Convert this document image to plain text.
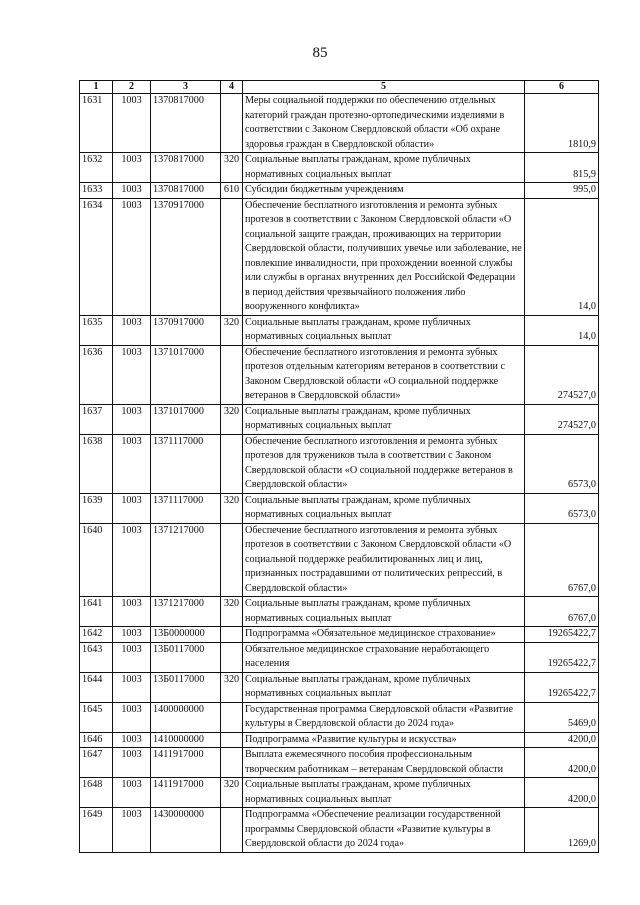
85
1	2	3	4	5	6
1631	1003	1370817000		Меры социальной поддержки по обеспечению отдельных категорий граждан протезно-ортопедическими изделиями в соответствии с Законом Свердловской области «Об охране здоровья граждан в Свердловской области»	1810,9
1632	1003	1370817000	320	Социальные выплаты гражданам, кроме публичных нормативных социальных выплат	815,9
1633	1003	1370817000	610	Субсидии бюджетным учреждениям	995,0
1634	1003	1370917000		Обеспечение бесплатного изготовления и ремонта зубных протезов в соответствии с Законом Свердловской области «О социальной защите граждан, проживающих на территории Свердловской области, получивших увечье или заболевание, не повлекшие инвалидности, при прохождении военной службы или службы в органах внутренних дел Российской Федерации в период действия чрезвычайного положения либо вооруженного конфликта»	14,0
1635	1003	1370917000	320	Социальные выплаты гражданам, кроме публичных нормативных социальных выплат	14,0
1636	1003	1371017000		Обеспечение бесплатного изготовления и ремонта зубных протезов отдельным категориям ветеранов в соответствии с Законом Свердловской области «О социальной поддержке ветеранов в Свердловской области»	274527,0
1637	1003	1371017000	320	Социальные выплаты гражданам, кроме публичных нормативных социальных выплат	274527,0
1638	1003	1371117000		Обеспечение бесплатного изготовления и ремонта зубных протезов для тружеников тыла в соответствии с Законом Свердловской области «О социальной поддержке ветеранов в Свердловской области»	6573,0
1639	1003	1371117000	320	Социальные выплаты гражданам, кроме публичных нормативных социальных выплат	6573,0
1640	1003	1371217000		Обеспечение бесплатного изготовления и ремонта зубных протезов в соответствии с Законом Свердловской области «О социальной поддержке реабилитированных лиц и лиц, признанных пострадавшими от политических репрессий, в Свердловской области»	6767,0
1641	1003	1371217000	320	Социальные выплаты гражданам, кроме публичных нормативных социальных выплат	6767,0
1642	1003	13Б0000000		Подпрограмма «Обязательное медицинское страхование»	19265422,7
1643	1003	13Б0117000		Обязательное медицинское страхование неработающего населения	19265422,7
1644	1003	13Б0117000	320	Социальные выплаты гражданам, кроме публичных нормативных социальных выплат	19265422,7
1645	1003	1400000000		Государственная программа Свердловской области «Развитие культуры в Свердловской области до 2024 года»	5469,0
1646	1003	1410000000		Подпрограмма «Развитие культуры и искусства»	4200,0
1647	1003	1411917000		Выплата ежемесячного пособия профессиональным творческим работникам – ветеранам Свердловской области	4200,0
1648	1003	1411917000	320	Социальные выплаты гражданам, кроме публичных нормативных социальных выплат	4200,0
1649	1003	1430000000		Подпрограмма «Обеспечение реализации государственной программы Свердловской области «Развитие культуры в Свердловской области до 2024 года»	1269,0
